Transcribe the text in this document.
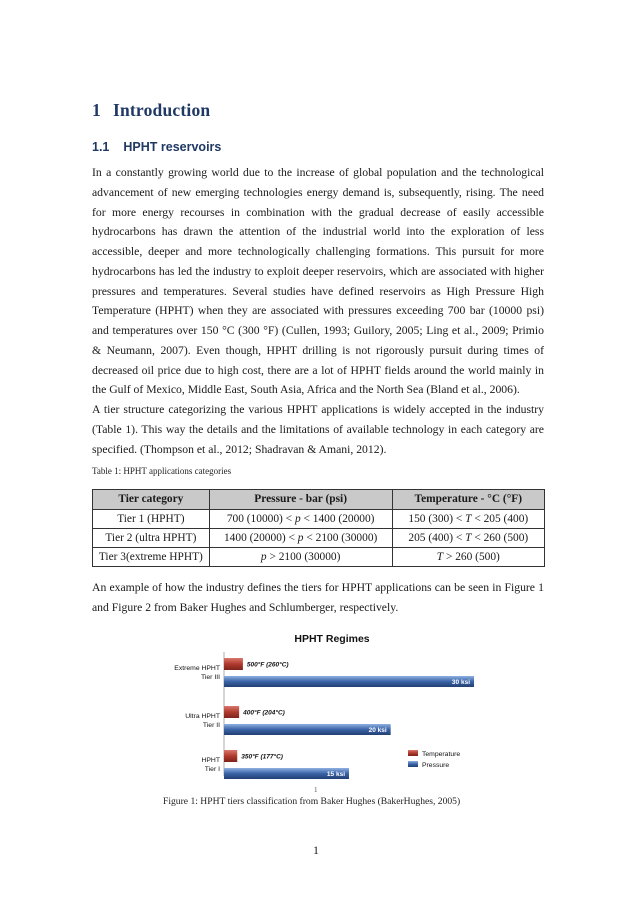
1 Introduction
1.1 HPHT reservoirs

In a constantly growing world due to the increase of global population and the technological advancement of new emerging technologies energy demand is, subsequently, rising. The need for more energy recourses in combination with the gradual decrease of easily accessible hydrocarbons has drawn the attention of the industrial world into the exploration of less accessible, deeper and more technologically challenging formations. This pursuit for more hydrocarbons has led the industry to exploit deeper reservoirs, which are associated with higher pressures and temperatures. Several studies have defined reservoirs as High Pressure High Temperature (HPHT) when they are associated with pressures exceeding 700 bar (10000 psi) and temperatures over 150 °C (300 °F) (Cullen, 1993; Guilory, 2005; Ling et al., 2009; Primio & Neumann, 2007). Even though, HPHT drilling is not rigorously pursuit during times of decreased oil price due to high cost, there are a lot of HPHT fields around the world mainly in the Gulf of Mexico, Middle East, South Asia, Africa and the North Sea (Bland et al., 2006).

A tier structure categorizing the various HPHT applications is widely accepted in the industry (Table 1). This way the details and the limitations of available technology in each category are specified. (Thompson et al., 2012; Shadravan & Amani, 2012).

Table 1: HPHT applications categories
Tier category	Pressure - bar (psi)	Temperature - °C (°F)
Tier 1 (HPHT)	700 (10000) < p < 1400 (20000)	150 (300) < T < 205 (400)
Tier 2 (ultra HPHT)	1400 (20000) < p < 2100 (30000)	205 (400) < T < 260 (500)
Tier 3(extreme HPHT)	p > 2100 (30000)	T > 260 (500)

An example of how the industry defines the tiers for HPHT applications can be seen in Figure 1 and Figure 2 from Baker Hughes and Schlumberger, respectively.

HPHT Regimes
Extreme HPHT
Tier III
500°F (260°C)
30 ksi
Ultra HPHT
Tier II
400°F (204°C)
20 ksi
HPHT
Tier I
350°F (177°C)
15 ksi
Temperature
Pressure
1
Figure 1: HPHT tiers classification from Baker Hughes (BakerHughes, 2005)
1
